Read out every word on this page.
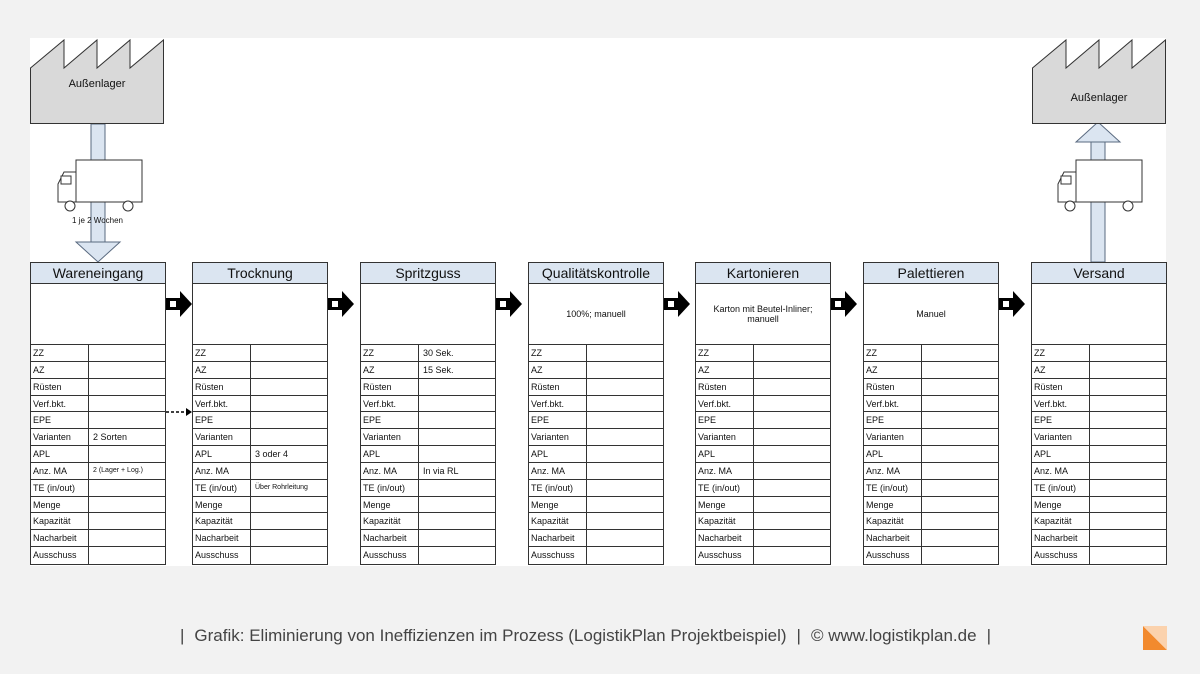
Außenlager
Außenlager
1 je 2 Wochen
Wareneingang
ZZ
AZ
Rüsten
Verf.bkt.
EPE
Varianten	2 Sorten
APL
Anz. MA	2 (Lager + Log.)
TE (in/out)
Menge
Kapazität
Nacharbeit
Ausschuss
Trocknung
ZZ
AZ
Rüsten
Verf.bkt.
EPE
Varianten
APL	3 oder 4
Anz. MA
TE (in/out)	Über Rohrleitung
Menge
Kapazität
Nacharbeit
Ausschuss
Spritzguss
ZZ	30 Sek.
AZ	15 Sek.
Rüsten
Verf.bkt.
EPE
Varianten
APL
Anz. MA	In via RL
TE (in/out)
Menge
Kapazität
Nacharbeit
Ausschuss
Qualitätskontrolle
100%; manuell
ZZ
AZ
Rüsten
Verf.bkt.
EPE
Varianten
APL
Anz. MA
TE (in/out)
Menge
Kapazität
Nacharbeit
Ausschuss
Kartonieren
Karton mit Beutel-Inliner; manuell
ZZ
AZ
Rüsten
Verf.bkt.
EPE
Varianten
APL
Anz. MA
TE (in/out)
Menge
Kapazität
Nacharbeit
Ausschuss
Palettieren
Manuel
ZZ
AZ
Rüsten
Verf.bkt.
EPE
Varianten
APL
Anz. MA
TE (in/out)
Menge
Kapazität
Nacharbeit
Ausschuss
Versand
ZZ
AZ
Rüsten
Verf.bkt.
EPE
Varianten
APL
Anz. MA
TE (in/out)
Menge
Kapazität
Nacharbeit
Ausschuss
| Grafik: Eliminierung von Ineffizienzen im Prozess (LogistikPlan Projektbeispiel) | © www.logistikplan.de |
